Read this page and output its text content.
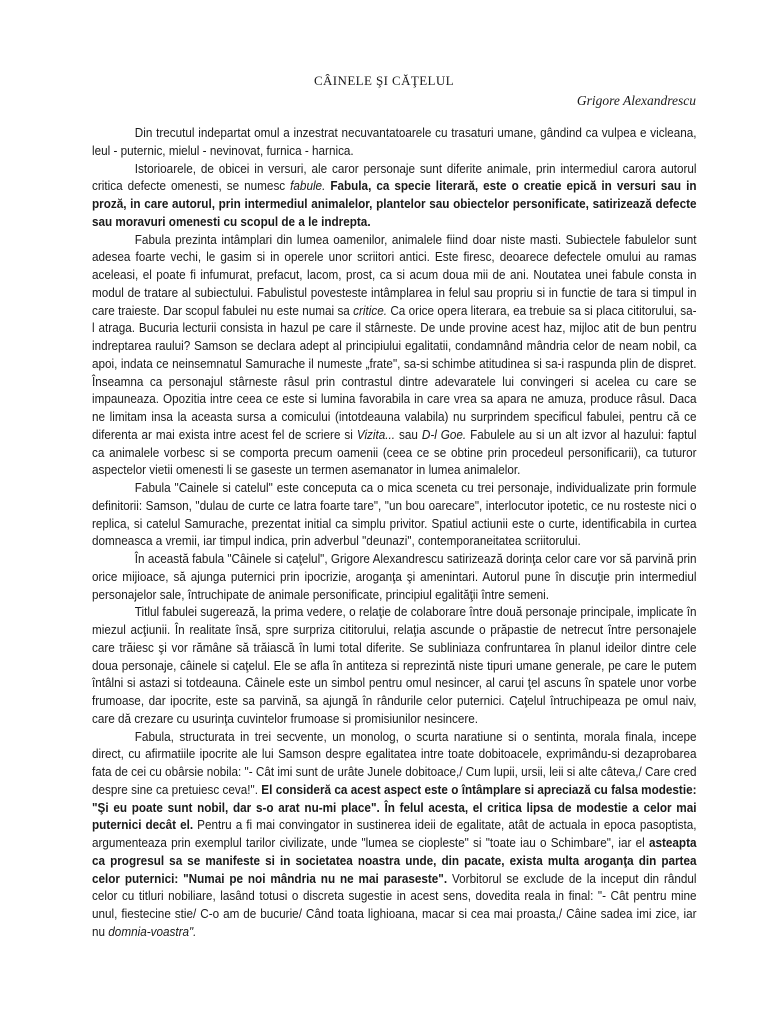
CÂINELE ŞI CĂŢELUL
Grigore Alexandrescu

Din trecutul indepartat omul a inzestrat necuvantatoarele cu trasaturi umane, gândind ca vulpea e vicleana, leul - puternic, mielul - nevinovat, furnica - harnica.

Istorioarele, de obicei in versuri, ale caror personaje sunt diferite animale, prin intermediul carora autorul critica defecte omenesti, se numesc fabule. Fabula, ca specie literară, este o creatie epică in versuri sau in proză, in care autorul, prin intermediul animalelor, plantelor sau obiectelor personificate, satirizează defecte sau moravuri omenesti cu scopul de a le indrepta.

Fabula prezinta intâmplari din lumea oamenilor, animalele fiind doar niste masti. Subiectele fabulelor sunt adesea foarte vechi, le gasim si in operele unor scriitori antici. Este firesc, deoarece defectele omului au ramas aceleasi, el poate fi infumurat, prefacut, lacom, prost, ca si acum doua mii de ani. Noutatea unei fabule consta in modul de tratare al subiectului. Fabulistul povesteste intâmplarea in felul sau propriu si in functie de tara si timpul in care traieste. Dar scopul fabulei nu este numai sa critice. Ca orice opera literara, ea trebuie sa si placa cititorului, sa-l atraga. Bucuria lecturii consista in hazul pe care il stârneste. De unde provine acest haz, mijloc atit de bun pentru indreptarea raului? Samson se declara adept al principiului egalitatii, condamnând mândria celor de neam nobil, ca apoi, indata ce neinsemnatul Samurache il numeste „frate", sa-si schimbe atitudinea si sa-i raspunda plin de dispret. Înseamna ca personajul stârneste râsul prin contrastul dintre adevaratele lui convingeri si acelea cu care se impauneaza. Opozitia intre ceea ce este si lumina favorabila in care vrea sa apara ne amuza, produce râsul. Daca ne limitam insa la aceasta sursa a comicului (intotdeauna valabila) nu surprindem specificul fabulei, pentru că ce diferenta ar mai exista intre acest fel de scriere si Vizita... sau D-l Goe. Fabulele au si un alt izvor al hazului: faptul ca animalele vorbesc si se comporta precum oamenii (ceea ce se obtine prin procedeul personificarii), ca tuturor aspectelor vietii omenesti li se gaseste un termen asemanator in lumea animalelor.

Fabula "Cainele si catelul" este conceputa ca o mica sceneta cu trei personaje, individualizate prin formule definitorii: Samson, "dulau de curte ce latra foarte tare", "un bou oarecare", interlocutor ipotetic, ce nu rosteste nici o replica, si catelul Samurache, prezentat initial ca simplu privitor. Spatiul actiunii este o curte, identificabila in curtea domneasca a vremii, iar timpul indica, prin adverbul "deunazi", contemporaneitatea scriitorului.

În această fabula "Câinele si caţelul", Grigore Alexandrescu satirizează dorinţa celor care vor să parvină prin orice mijioace, să ajunga puternici prin ipocrizie, aroganţa şi amenintari. Autorul pune în discuţie prin intermediul personajelor sale, întruchipate de animale personificate, principiul egalităţii între semeni.

Titlul fabulei sugerează, la prima vedere, o relaţie de colaborare între două personaje principale, implicate în miezul acţiunii. În realitate însă, spre surpriza cititorului, relaţia ascunde o prăpastie de netrecut între personajele care trăiesc şi vor rămâne să trăiască în lumi total diferite. Se subliniaza confruntarea în planul ideilor dintre cele doua personaje, câinele si caţelul. Ele se afla în antiteza si reprezintă niste tipuri umane generale, pe care le putem întâlni si astazi si totdeauna. Câinele este un simbol pentru omul nesincer, al carui ţel ascuns în spatele unor vorbe frumoase, dar ipocrite, este sa parvină, sa ajungă în rândurile celor puternici. Caţelul întruchipeaza pe omul naiv, care dă crezare cu usurinţa cuvintelor frumoase si promisiunilor nesincere.

Fabula, structurata in trei secvente, un monolog, o scurta naratiune si o sentinta, morala finala, incepe direct, cu afirmatiile ipocrite ale lui Samson despre egalitatea intre toate dobitoacele, exprimându-si dezaprobarea fata de cei cu obârsie nobila: "- Cât imi sunt de urâte Junele dobitoace,/ Cum lupii, ursii, leii si alte câteva,/ Care cred despre sine ca pretuiesc ceva!". El consideră ca acest aspect este o întâmplare si apreciază cu falsa modestie: "Şi eu poate sunt nobil, dar s-o arat nu-mi place". În felul acesta, el critica lipsa de modestie a celor mai puternici decât el. Pentru a fi mai convingator in sustinerea ideii de egalitate, atât de actuala in epoca pasoptista, argumenteaza prin exemplul tarilor civilizate, unde "lumea se ciopleste" si "toate iau o Schimbare", iar el asteapta ca progresul sa se manifeste si in societatea noastra unde, din pacate, exista multa aroganţa din partea celor puternici: "Numai pe noi mândria nu ne mai paraseste". Vorbitorul se exclude de la inceput din rândul celor cu titluri nobiliare, lasând totusi o discreta sugestie in acest sens, dovedita reala in final: "- Cât pentru mine unul, fiestecine stie/ C-o am de bucurie/ Când toata lighioana, macar si cea mai proasta,/ Câine sadea imi zice, iar nu domnia-voastra".
